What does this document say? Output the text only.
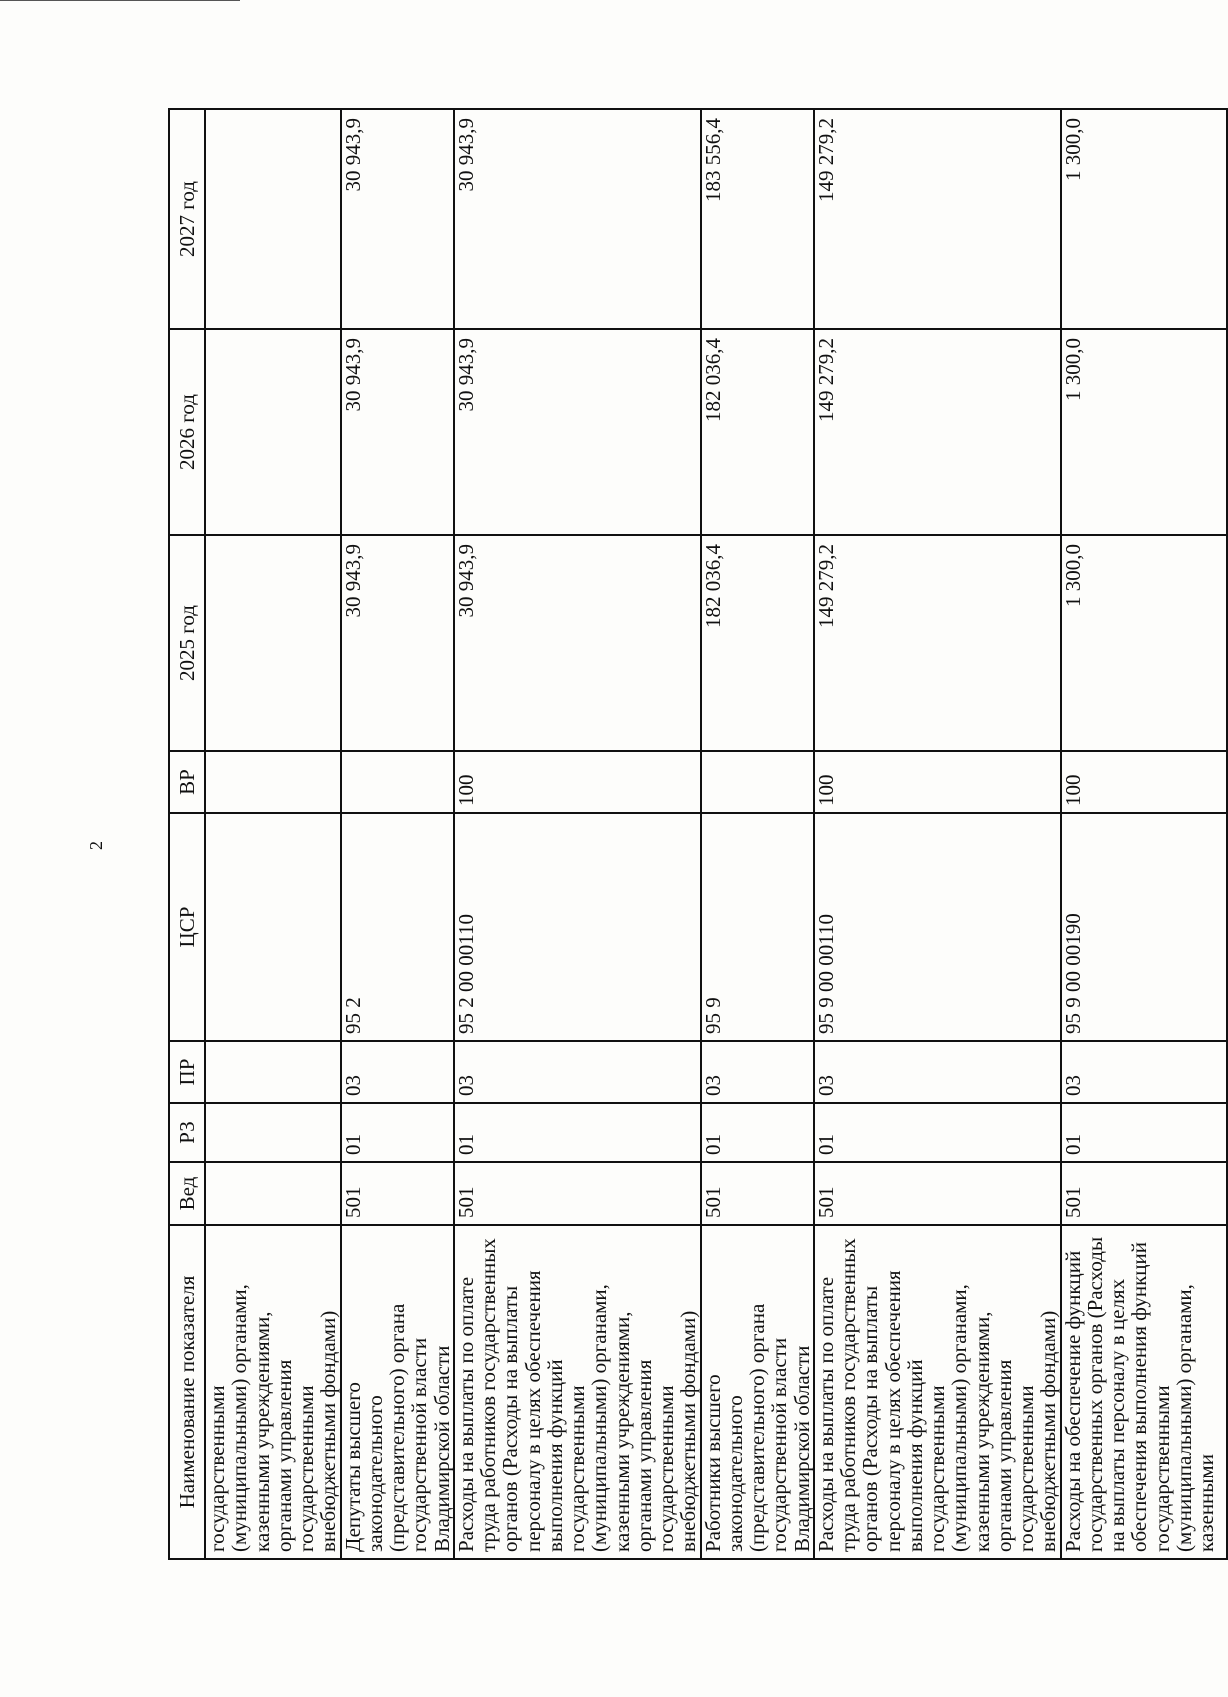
2
Наименование показателя	Вед	РЗ	ПР	ЦСР	ВР	2025 год	2026 год	2027 год
государственными (муниципальными) органами, казенными учреждениями, органами управления государственными внебюджетными фондами)								
Депутаты высшего законодательного (представительного) органа государственной власти Владимирской области	501	01	03	95 2		30 943,9	30 943,9	30 943,9
Расходы на выплаты по оплате труда работников государственных органов (Расходы на выплаты персоналу в целях обеспечения выполнения функций государственными (муниципальными) органами, казенными учреждениями, органами управления государственными внебюджетными фондами)	501	01	03	95 2 00 00110	100	30 943,9	30 943,9	30 943,9
Работники высшего законодательного (представительного) органа государственной власти Владимирской области	501	01	03	95 9		182 036,4	182 036,4	183 556,4
Расходы на выплаты по оплате труда работников государственных органов (Расходы на выплаты персоналу в целях обеспечения выполнения функций государственными (муниципальными) органами, казенными учреждениями, органами управления государственными внебюджетными фондами)	501	01	03	95 9 00 00110	100	149 279,2	149 279,2	149 279,2
Расходы на обеспечение функций государственных органов (Расходы на выплаты персоналу в целях обеспечения выполнения функций государственными (муниципальными) органами, казенными	501	01	03	95 9 00 00190	100	1 300,0	1 300,0	1 300,0
